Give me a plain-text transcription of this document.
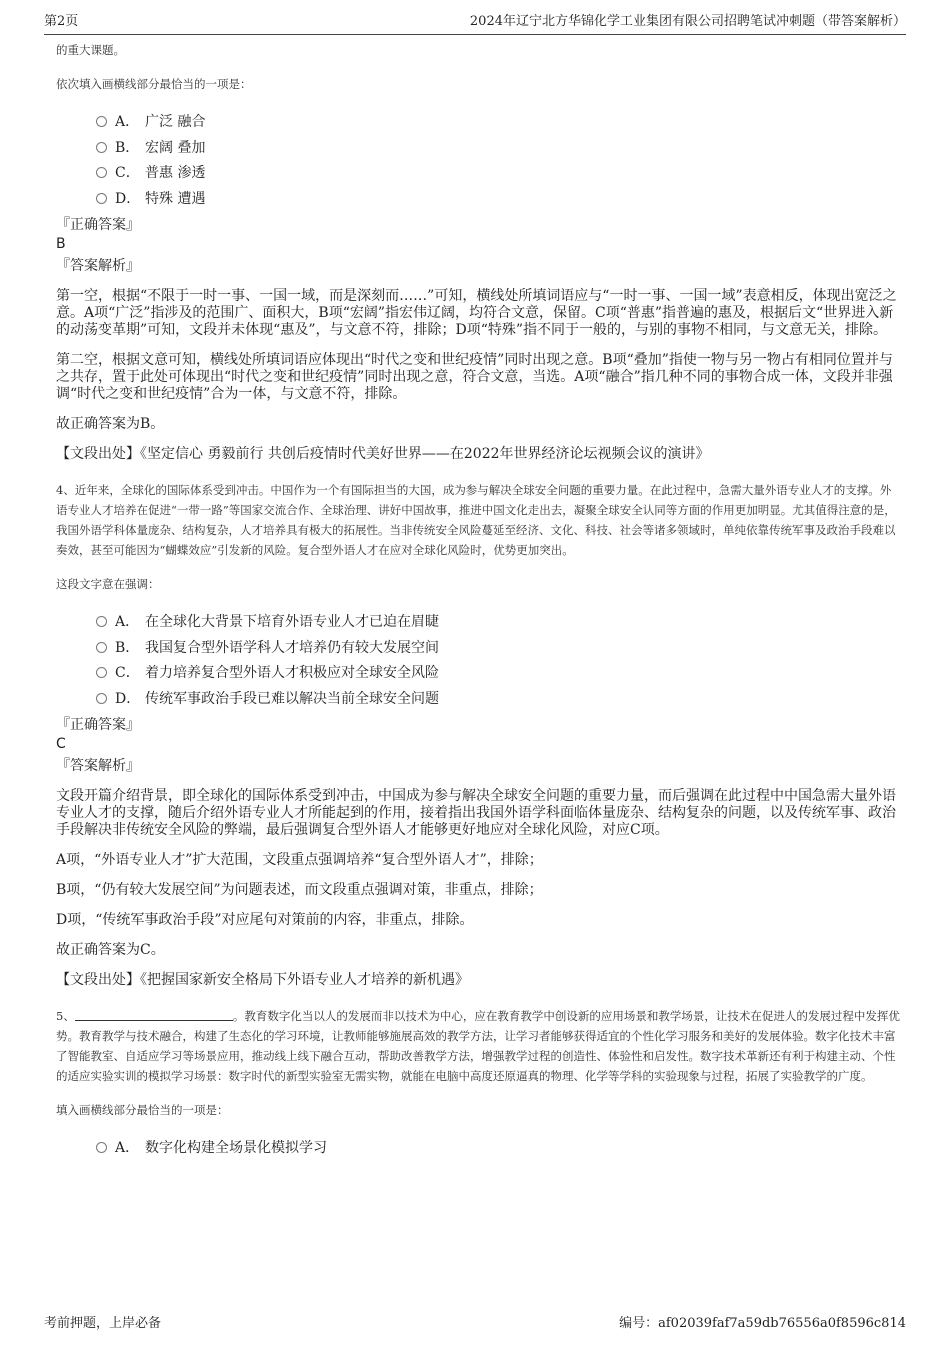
第2页	2024年辽宁北方华锦化学工业集团有限公司招聘笔试冲刺题（带答案解析）

的重大课题。

依次填入画横线部分最恰当的一项是：

A． 广泛 融合
B． 宏阔 叠加
C． 普惠 渗透
D． 特殊 遭遇
『正确答案』
B
『答案解析』

第一空，根据“不限于一时一事、一国一域，而是深刻而……”可知，横线处所填词语应与“一时一事、一国一域”表意相反，体现出宽泛之意。A项“广泛”指涉及的范围广、面积大，B项“宏阔”指宏伟辽阔，均符合文意，保留。C项“普惠”指普遍的惠及，根据后文“世界进入新的动荡变革期”可知，文段并未体现“惠及”，与文意不符，排除；D项“特殊”指不同于一般的，与别的事物不相同，与文意无关，排除。

第二空，根据文意可知，横线处所填词语应体现出“时代之变和世纪疫情”同时出现之意。B项“叠加”指使一物与另一物占有相同位置并与之共存，置于此处可体现出“时代之变和世纪疫情”同时出现之意，符合文意，当选。A项“融合”指几种不同的事物合成一体，文段并非强调“时代之变和世纪疫情”合为一体，与文意不符，排除。

故正确答案为B。

【文段出处】《坚定信心 勇毅前行 共创后疫情时代美好世界——在2022年世界经济论坛视频会议的演讲》

4、近年来，全球化的国际体系受到冲击。中国作为一个有国际担当的大国，成为参与解决全球安全问题的重要力量。在此过程中，急需大量外语专业人才的支撑。外语专业人才培养在促进“一带一路”等国家交流合作、全球治理、讲好中国故事，推进中国文化走出去，凝聚全球安全认同等方面的作用更加明显。尤其值得注意的是，我国外语学科体量庞杂、结构复杂，人才培养具有极大的拓展性。当非传统安全风险蔓延至经济、文化、科技、社会等诸多领域时，单纯依靠传统军事及政治手段难以奏效，甚至可能因为“蝴蝶效应”引发新的风险。复合型外语人才在应对全球化风险时，优势更加突出。

这段文字意在强调：

A． 在全球化大背景下培育外语专业人才已迫在眉睫
B． 我国复合型外语学科人才培养仍有较大发展空间
C． 着力培养复合型外语人才积极应对全球安全风险
D． 传统军事政治手段已难以解决当前全球安全问题
『正确答案』
C
『答案解析』

文段开篇介绍背景，即全球化的国际体系受到冲击，中国成为参与解决全球安全问题的重要力量，而后强调在此过程中中国急需大量外语专业人才的支撑，随后介绍外语专业人才所能起到的作用，接着指出我国外语学科面临体量庞杂、结构复杂的问题，以及传统军事、政治手段解决非传统安全风险的弊端，最后强调复合型外语人才能够更好地应对全球化风险，对应C项。

A项，“外语专业人才”扩大范围，文段重点强调培养“复合型外语人才”，排除；

B项，“仍有较大发展空间”为问题表述，而文段重点强调对策，非重点，排除；

D项，“传统军事政治手段”对应尾句对策前的内容，非重点，排除。

故正确答案为C。

【文段出处】《把握国家新安全格局下外语专业人才培养的新机遇》

5、	。教育数字化当以人的发展而非以技术为中心，应在教育教学中创设新的应用场景和教学场景，让技术在促进人的发展过程中发挥优势。教育教学与技术融合，构建了生态化的学习环境，让教师能够施展高效的教学方法，让学习者能够获得适宜的个性化学习服务和美好的发展体验。数字化技术丰富了智能教室、自适应学习等场景应用，推动线上线下融合互动，帮助改善教学方法，增强教学过程的创造性、体验性和启发性。数字技术革新还有利于构建主动、个性的适应实验实训的模拟学习场景：数字时代的新型实验室无需实物，就能在电脑中高度还原逼真的物理、化学等学科的实验现象与过程，拓展了实验教学的广度。

填入画横线部分最恰当的一项是：

A． 数字化构建全场景化模拟学习
考前押题，上岸必备	编号：af02039faf7a59db76556a0f8596c814
